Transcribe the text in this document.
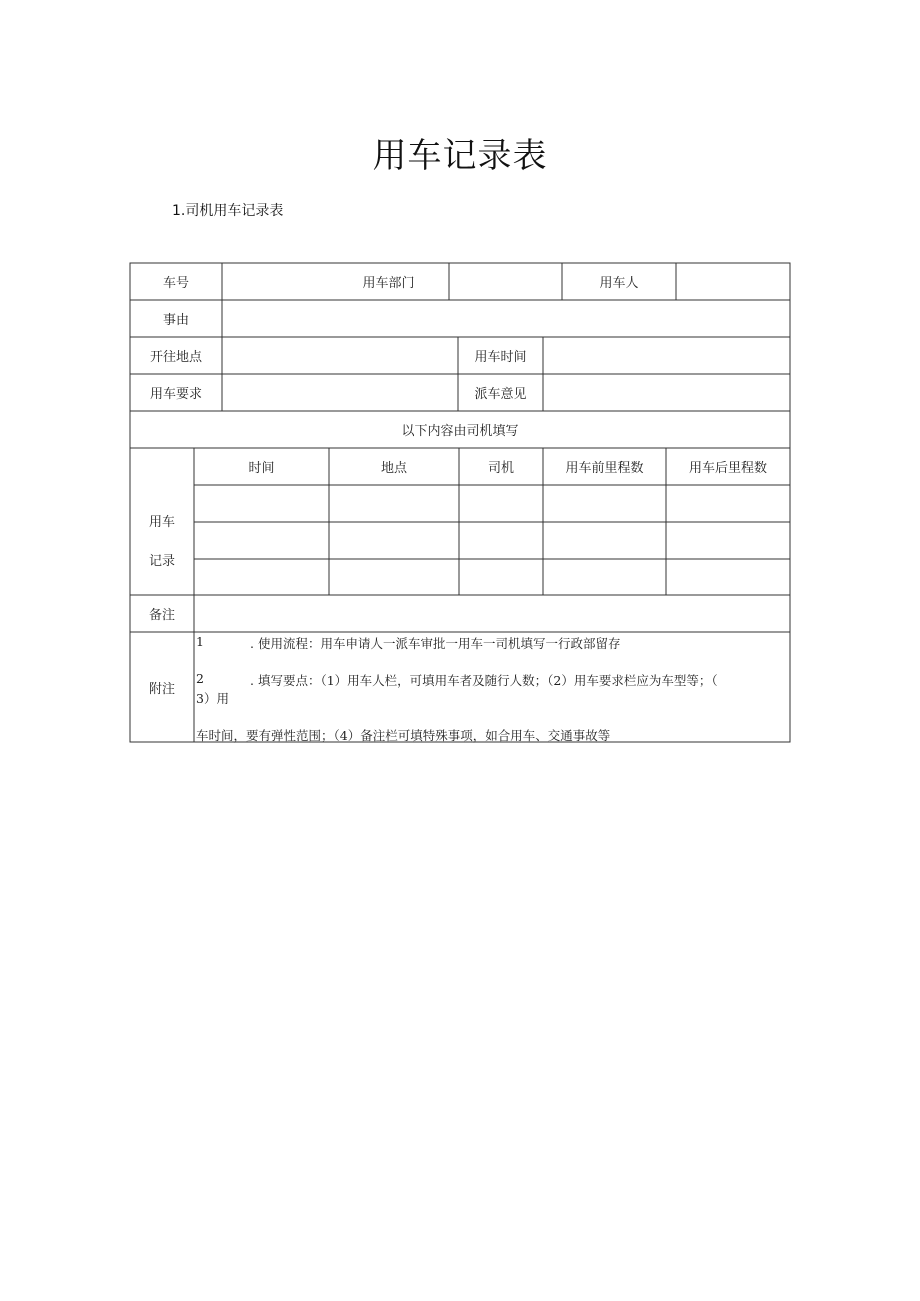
用车记录表
1.司机用车记录表
车号	用车部门	用车人
事由
开往地点	用车时间
用车要求	派车意见
以下内容由司机填写
用车
记录
时间	地点	司机	用车前里程数	用车后里程数
备注
附注
1	. 使用流程：用车申请人一派车审批一用车一司机填写一行政部留存
2	. 填写要点：（1）用车人栏，可填用车者及随行人数；（2）用车要求栏应为车型等；（
3）用
车时间，要有弹性范围；（4）备注栏可填特殊事项，如合用车、交通事故等
